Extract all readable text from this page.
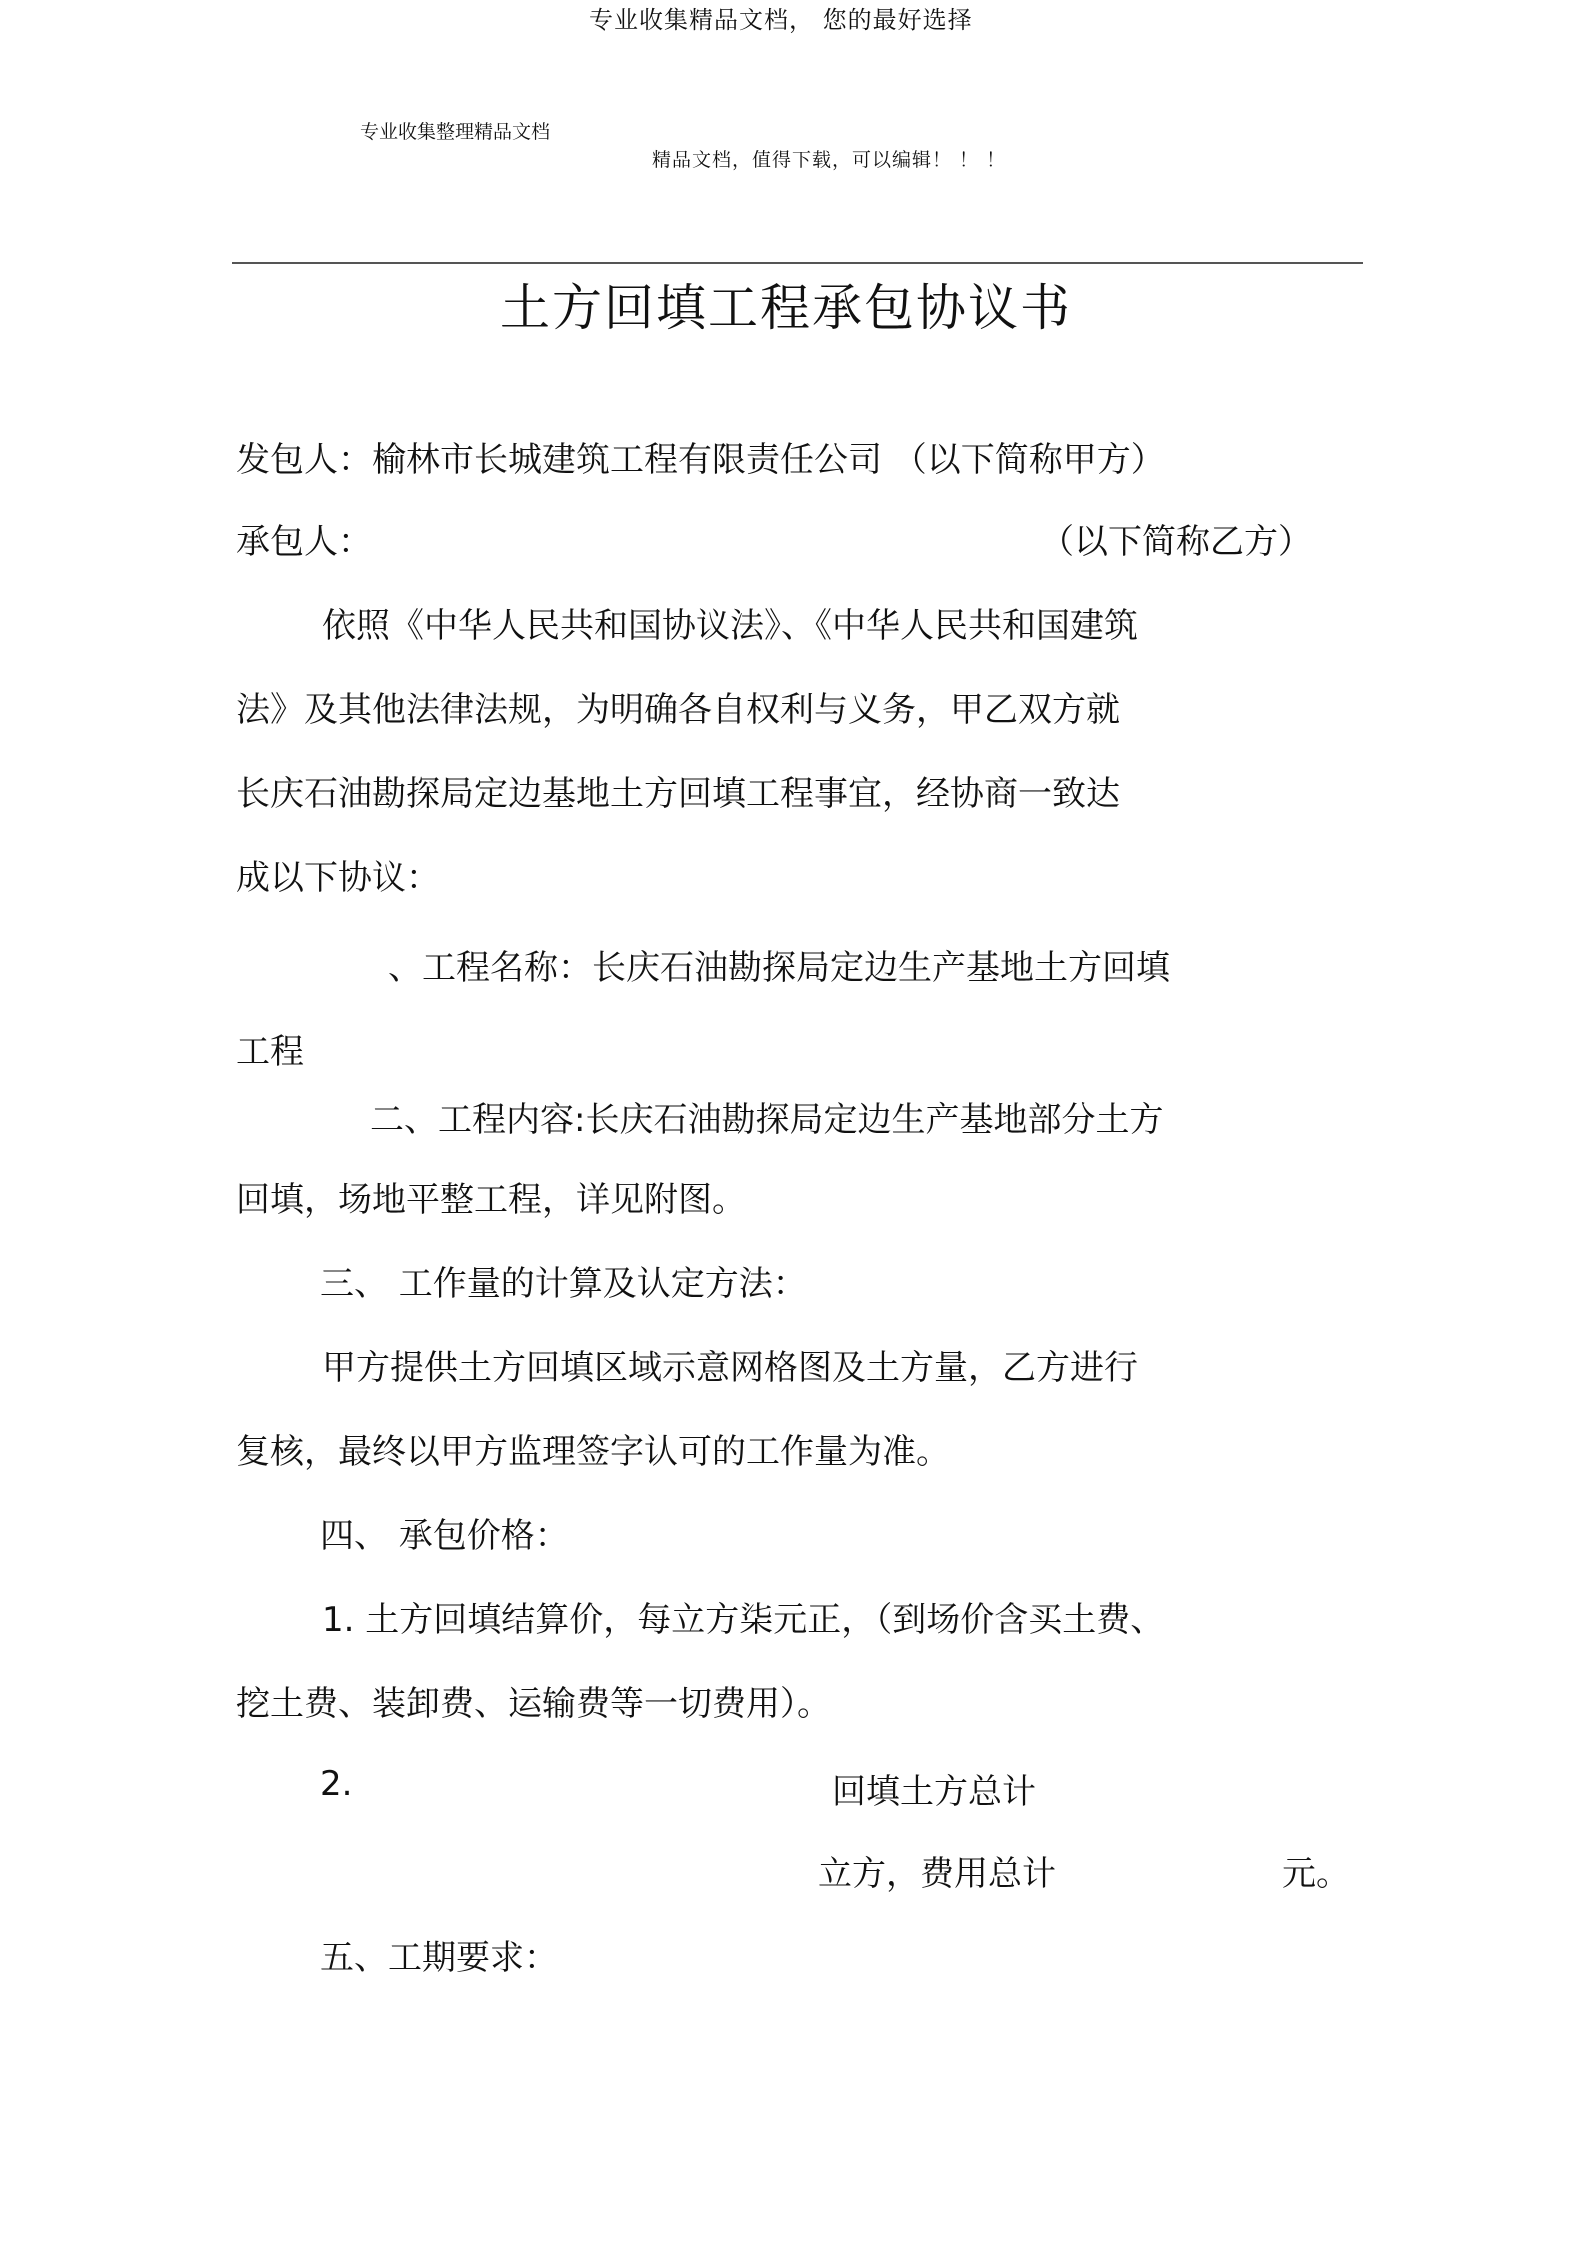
专业收集精品文档， 您的最好选择
专业收集整理精品文档
精品文档，值得下载，可以编辑！ ！ ！
土方回填工程承包协议书
发包人：榆林市长城建筑工程有限责任公司 （以下简称甲方）
承包人：	（以下简称乙方）
依照《中华人民共和国协议法》、《中华人民共和国建筑
法》及其他法律法规，为明确各自权利与义务，甲乙双方就
长庆石油勘探局定边基地土方回填工程事宜，经协商一致达
成以下协议：
、工程名称：长庆石油勘探局定边生产基地土方回填
工程
二、工程内容:长庆石油勘探局定边生产基地部分土方
回填，场地平整工程，详见附图。
三、 工作量的计算及认定方法：
甲方提供土方回填区域示意网格图及土方量，乙方进行
复核，最终以甲方监理签字认可的工作量为准。
四、 承包价格：
1. 土方回填结算价，每立方柒元正，（到场价含买土费、
挖土费、装卸费、运输费等一切费用）。
2.	回填土方总计
立方，费用总计	元。
五、工期要求：
